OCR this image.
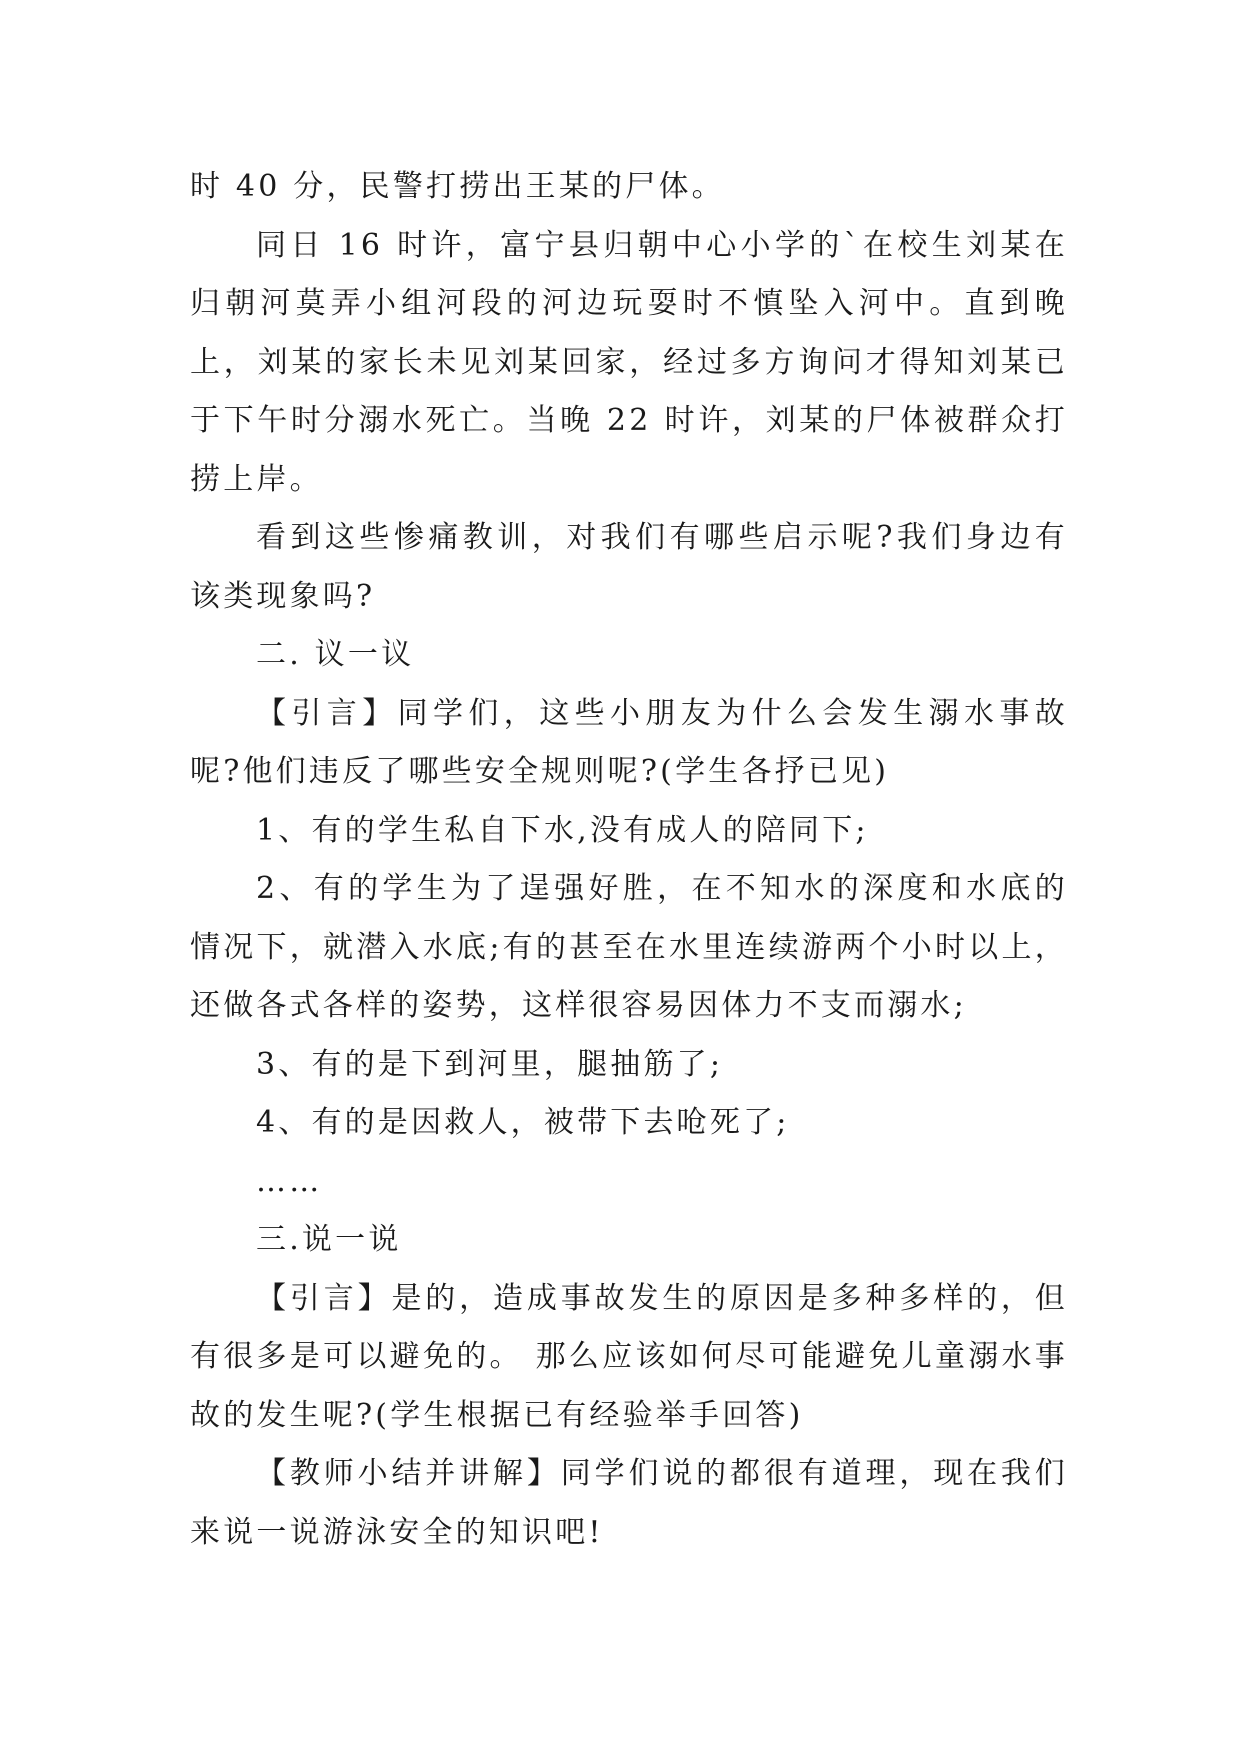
时 40 分，民警打捞出王某的尸体。

同日 16 时许，富宁县归朝中心小学的`在校生刘某在归朝河莫弄小组河段的河边玩耍时不慎坠入河中。直到晚上，刘某的家长未见刘某回家，经过多方询问才得知刘某已于下午时分溺水死亡。当晚 22 时许，刘某的尸体被群众打捞上岸。

看到这些惨痛教训，对我们有哪些启示呢?我们身边有该类现象吗?

二. 议一议

【引言】同学们，这些小朋友为什么会发生溺水事故呢?他们违反了哪些安全规则呢?(学生各抒已见)

1、有的学生私自下水,没有成人的陪同下;

2、有的学生为了逞强好胜，在不知水的深度和水底的情况下，就潜入水底;有的甚至在水里连续游两个小时以上，还做各式各样的姿势，这样很容易因体力不支而溺水;

3、有的是下到河里，腿抽筋了;

4、有的是因救人，被带下去呛死了;

……

三.说一说

【引言】是的，造成事故发生的原因是多种多样的，但有很多是可以避免的。 那么应该如何尽可能避免儿童溺水事故的发生呢?(学生根据已有经验举手回答)

【教师小结并讲解】同学们说的都很有道理，现在我们来说一说游泳安全的知识吧!
